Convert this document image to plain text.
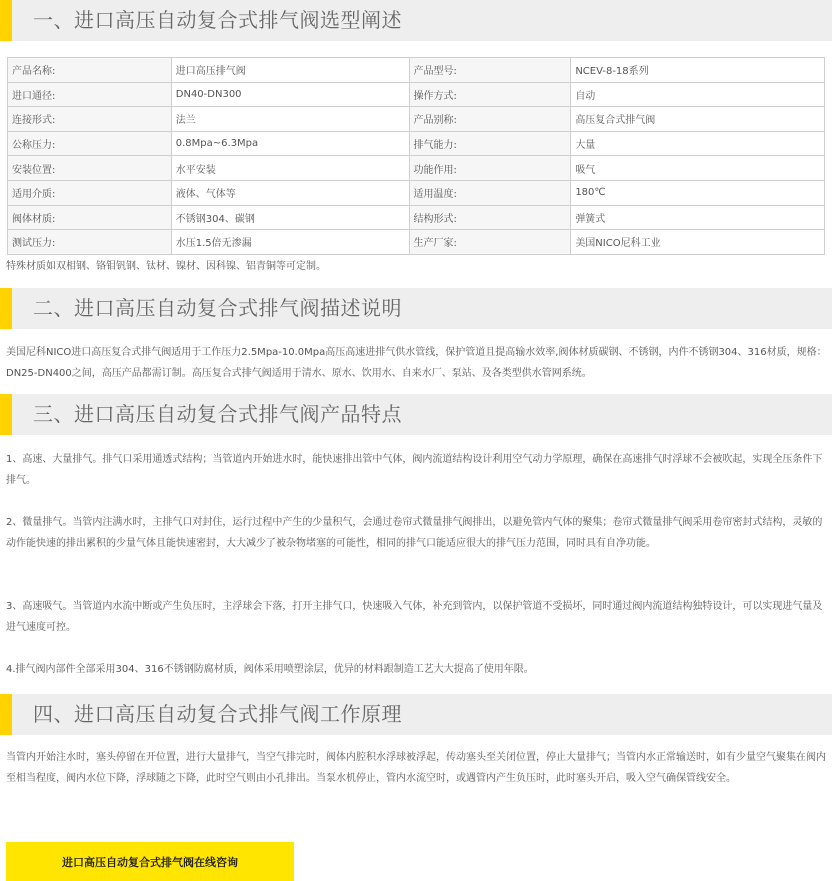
一、进口高压自动复合式排气阀选型阐述
产品名称:	进口高压排气阀	产品型号:	NCEV-8-18系列
进口通径:	DN40-DN300	操作方式:	自动
连接形式:	法兰	产品别称:	高压复合式排气阀
公称压力:	0.8Mpa~6.3Mpa	排气能力:	大量
安装位置:	水平安装	功能作用:	吸气
适用介质:	液体、气体等	适用温度:	180℃
阀体材质:	不锈钢304、碳钢	结构形式:	弹簧式
测试压力:	水压1.5倍无渗漏	生产厂家:	美国NICO尼科工业
特殊材质如双相钢、铬钼钒钢、钛材、镍材、因科镍、铝青铜等可定制。
二、进口高压自动复合式排气阀描述说明
美国尼科NICO进口高压复合式排气阀适用于工作压力2.5Mpa-10.0Mpa高压高速进排气供水管线，保护管道且提高输水效率,阀体材质碳钢、不锈钢，内件不锈钢304、316材质，规格：DN25-DN400之间，高压产品都需订制。高压复合式排气阀适用于清水、原水、饮用水、自来水厂、泵站、及各类型供水管网系统。
三、进口高压自动复合式排气阀产品特点
1、高速、大量排气。排气口采用通透式结构；当管道内开始进水时，能快速排出管中气体，阀内流道结构设计利用空气动力学原理，确保在高速排气时浮球不会被吹起，实现全压条件下排气。
2、微量排气。当管内注满水时，主排气口对封住，运行过程中产生的少量积气，会通过卷帘式微量排气阀排出，以避免管内气体的聚集；卷帘式微量排气阀采用卷帘密封式结构，灵敏的动作能快速的排出累积的少量气体且能快速密封，大大减少了被杂物堵塞的可能性，相同的排气口能适应很大的排气压力范围，同时具有自净功能。
3、高速吸气。当管道内水流中断或产生负压时，主浮球会下落，打开主排气口，快速吸入气体，补充到管内，以保护管道不受损坏，同时通过阀内流道结构独特设计，可以实现进气量及进气速度可控。
4.排气阀内部件全部采用304、316不锈钢防腐材质，阀体采用喷塑涂层，优异的材料跟制造工艺大大提高了使用年限。
四、进口高压自动复合式排气阀工作原理
当管内开始注水时，塞头停留在开位置，进行大量排气，当空气排完时，阀体内腔积水浮球被浮起，传动塞头至关闭位置，停止大量排气；当管内水正常输送时，如有少量空气聚集在阀内至相当程度，阀内水位下降，浮球随之下降，此时空气则由小孔排出。当泵水机停止，管内水流空时，或遇管内产生负压时，此时塞头开启，吸入空气确保管线安全。
进口高压自动复合式排气阀在线咨询
